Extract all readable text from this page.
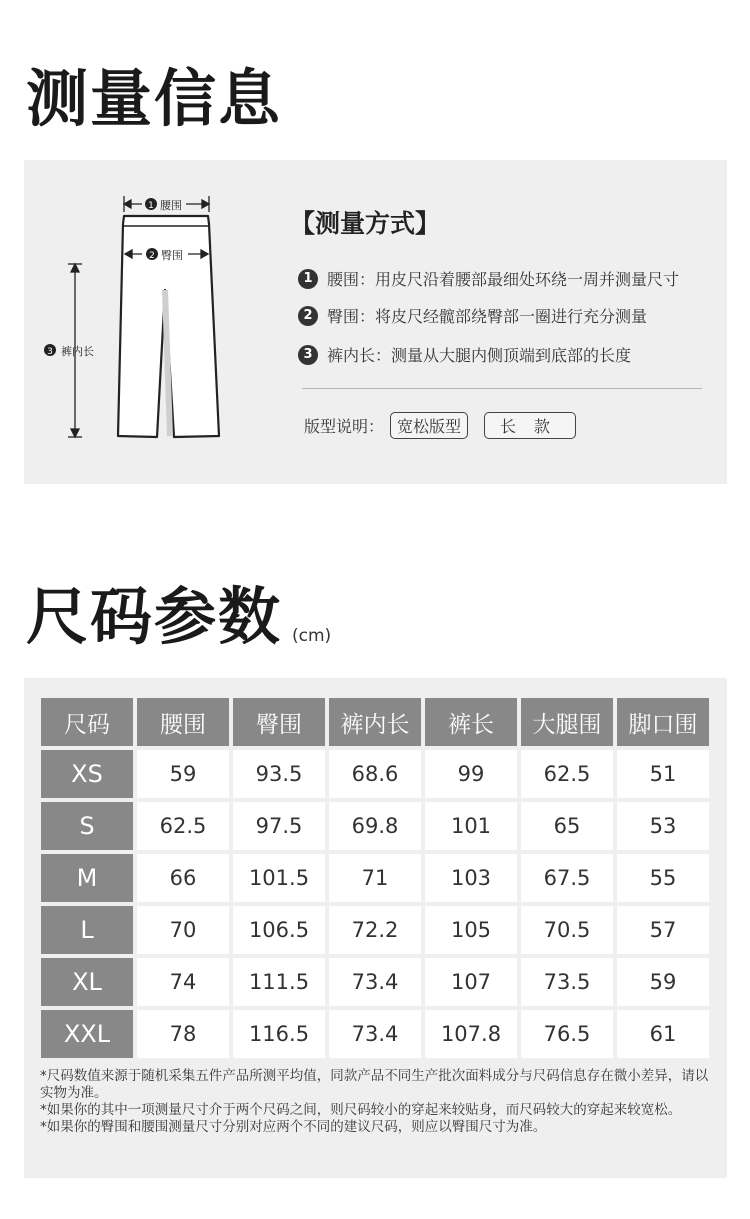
测量信息
1 腰围
2 臀围
3 裤内长
【测量方式】
1 腰围：用皮尺沿着腰部最细处环绕一周并测量尺寸
2 臀围：将皮尺经髋部绕臀部一圈进行充分测量
3 裤内长：测量从大腿内侧顶端到底部的长度
版型说明： 宽松版型	长款
尺码参数 (cm)
尺码	腰围	臀围	裤内长	裤长	大腿围	脚口围
XS	59	93.5	68.6	99	62.5	51
S	62.5	97.5	69.8	101	65	53
M	66	101.5	71	103	67.5	55
L	70	106.5	72.2	105	70.5	57
XL	74	111.5	73.4	107	73.5	59
XXL	78	116.5	73.4	107.8	76.5	61
*尺码数值来源于随机采集五件产品所测平均值，同款产品不同生产批次面料成分与尺码信息存在微小差异，请以实物为准。
*如果你的其中一项测量尺寸介于两个尺码之间，则尺码较小的穿起来较贴身，而尺码较大的穿起来较宽松。
*如果你的臀围和腰围测量尺寸分别对应两个不同的建议尺码，则应以臀围尺寸为准。
